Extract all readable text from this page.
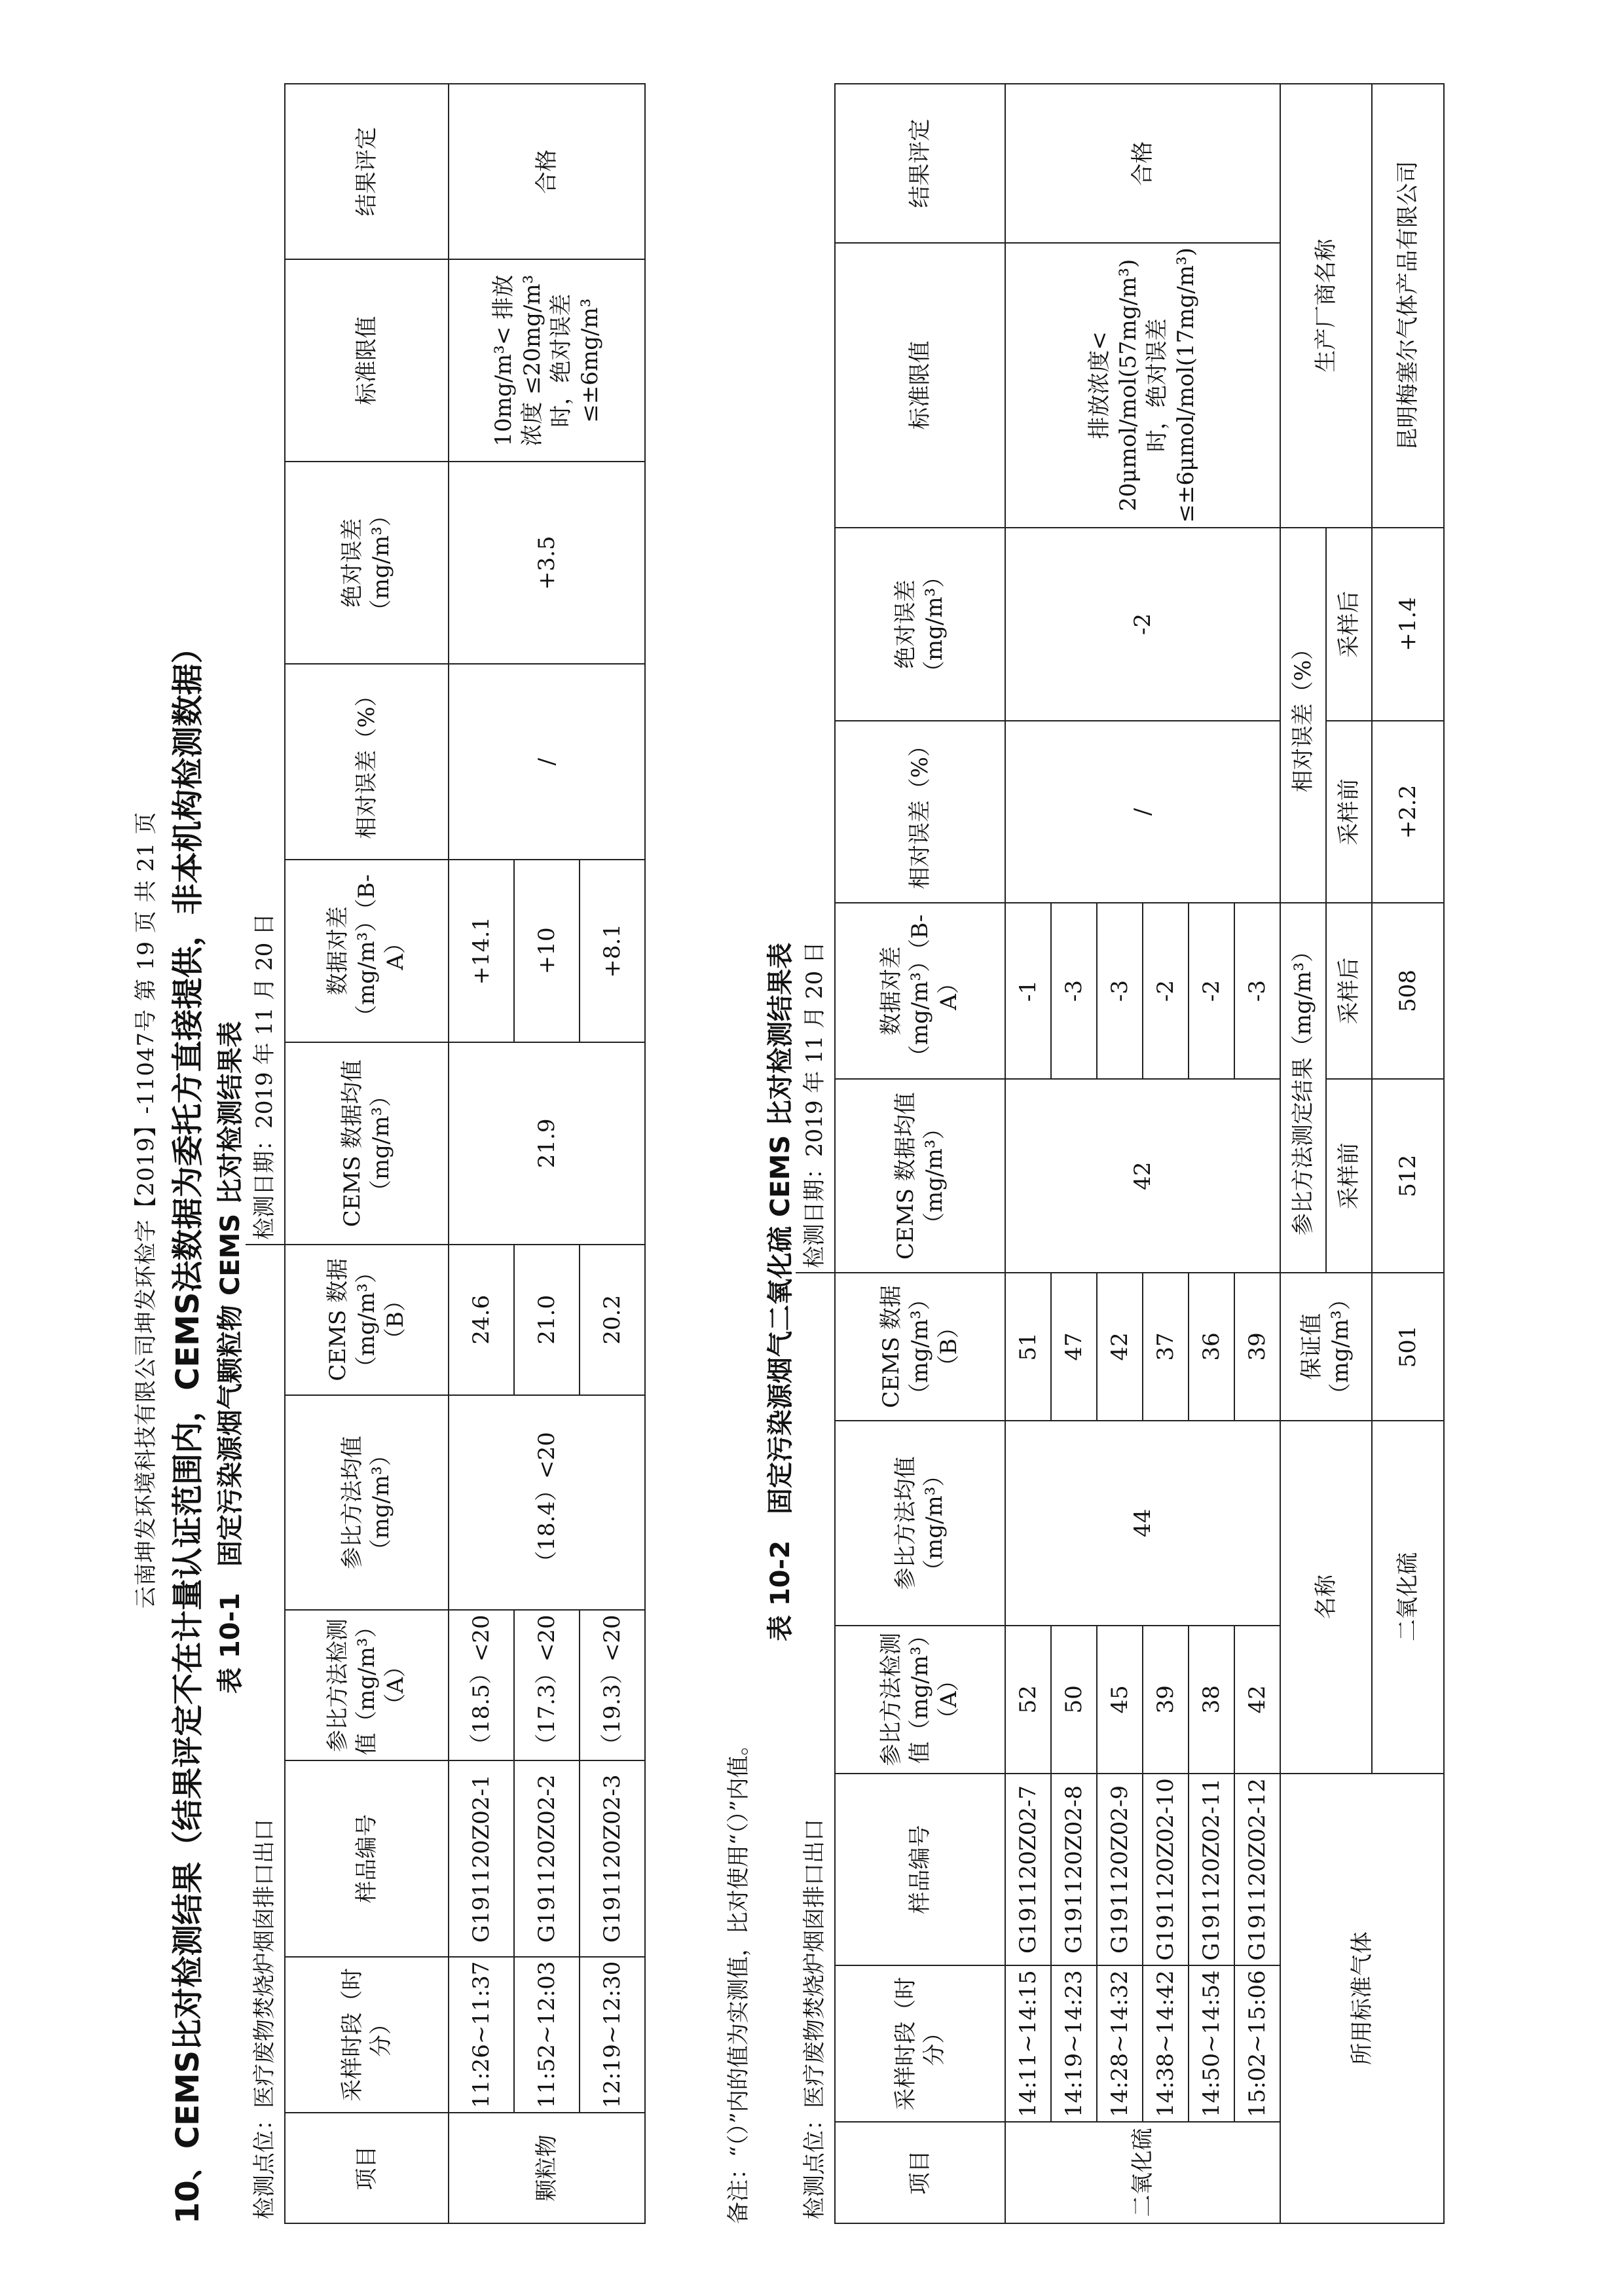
云南坤发环境科技有限公司坤发环检字【2019】-11047号 第 19 页 共 21 页 10、CEMS比对检测结果（结果评定不在计量认证范围内，CEMS法数据为委托方直接提供，非本机构检测数据） 表 10-1　固定污染源烟气颗粒物 CEMS 比对检测结果表
检测点位：医疗废物焚烧炉烟囱排口出口						检测日期：2019 年 11 月 20 日					
项目	采样时段（时分）	样品编号	参比方法检测值（mg/m³）（A）	参比方法均值（mg/m³）	CEMS 数据（mg/m³）（B）	CEMS 数据均值（mg/m³）	数据对差（mg/m³）（B-A）	相对误差（%）	绝对误差（mg/m³）	标准限值	结果评定
颗粒物	11:26~11:37	G191120Z02-1	（18.5）<20	（18.4）<20	24.6	21.9	+14.1	/	+3.5	10mg/m³< 排放浓度 ≤20mg/m³ 时，绝对误差 ≤±6mg/m³	合格
	11:52~12:03	G191120Z02-2	（17.3）<20		21.0		+10				
	12:19~12:30	G191120Z02-3	（19.3）<20		20.2		+8.1				
备注：“（）”内的值为实测值，比对使用“（）”内值。
表 10-2　固定污染源烟气二氧化硫 CEMS 比对检测结果表
检测点位：医疗废物焚烧炉烟囱排口出口						检测日期：2019 年 11 月 20 日					
项目	采样时段（时分）	样品编号	参比方法检测值（mg/m³）（A）	参比方法均值（mg/m³）	CEMS 数据（mg/m³）（B）	CEMS 数据均值（mg/m³）	数据对差（mg/m³）（B-A）	相对误差（%）	绝对误差（mg/m³）	标准限值	结果评定
二氧化硫	14:11~14:15	G191120Z02-7	52	44	51	42	-1	/	-2	排放浓度< 20μmol/mol(57mg/m³) 时，绝对误差 ≤±6μmol/mol(17mg/m³)	合格
	14:19~14:23	G191120Z02-8	50		47		-3				
	14:28~14:32	G191120Z02-9	45		42		-3				
	14:38~14:42	G191120Z02-10	39		37		-2				
	14:50~14:54	G191120Z02-11	38		36		-2				
	15:02~15:06	G191120Z02-12	42		39		-3				
所用标准气体			名称		保证值（mg/m³）	参比方法测定结果（mg/m³）		相对误差（%）		生产厂商名称	
						采样前	采样后	采样前	采样后		
			二氧化硫		501	512	508	+2.2	+1.4	昆明梅塞尔气体产品有限公司	
